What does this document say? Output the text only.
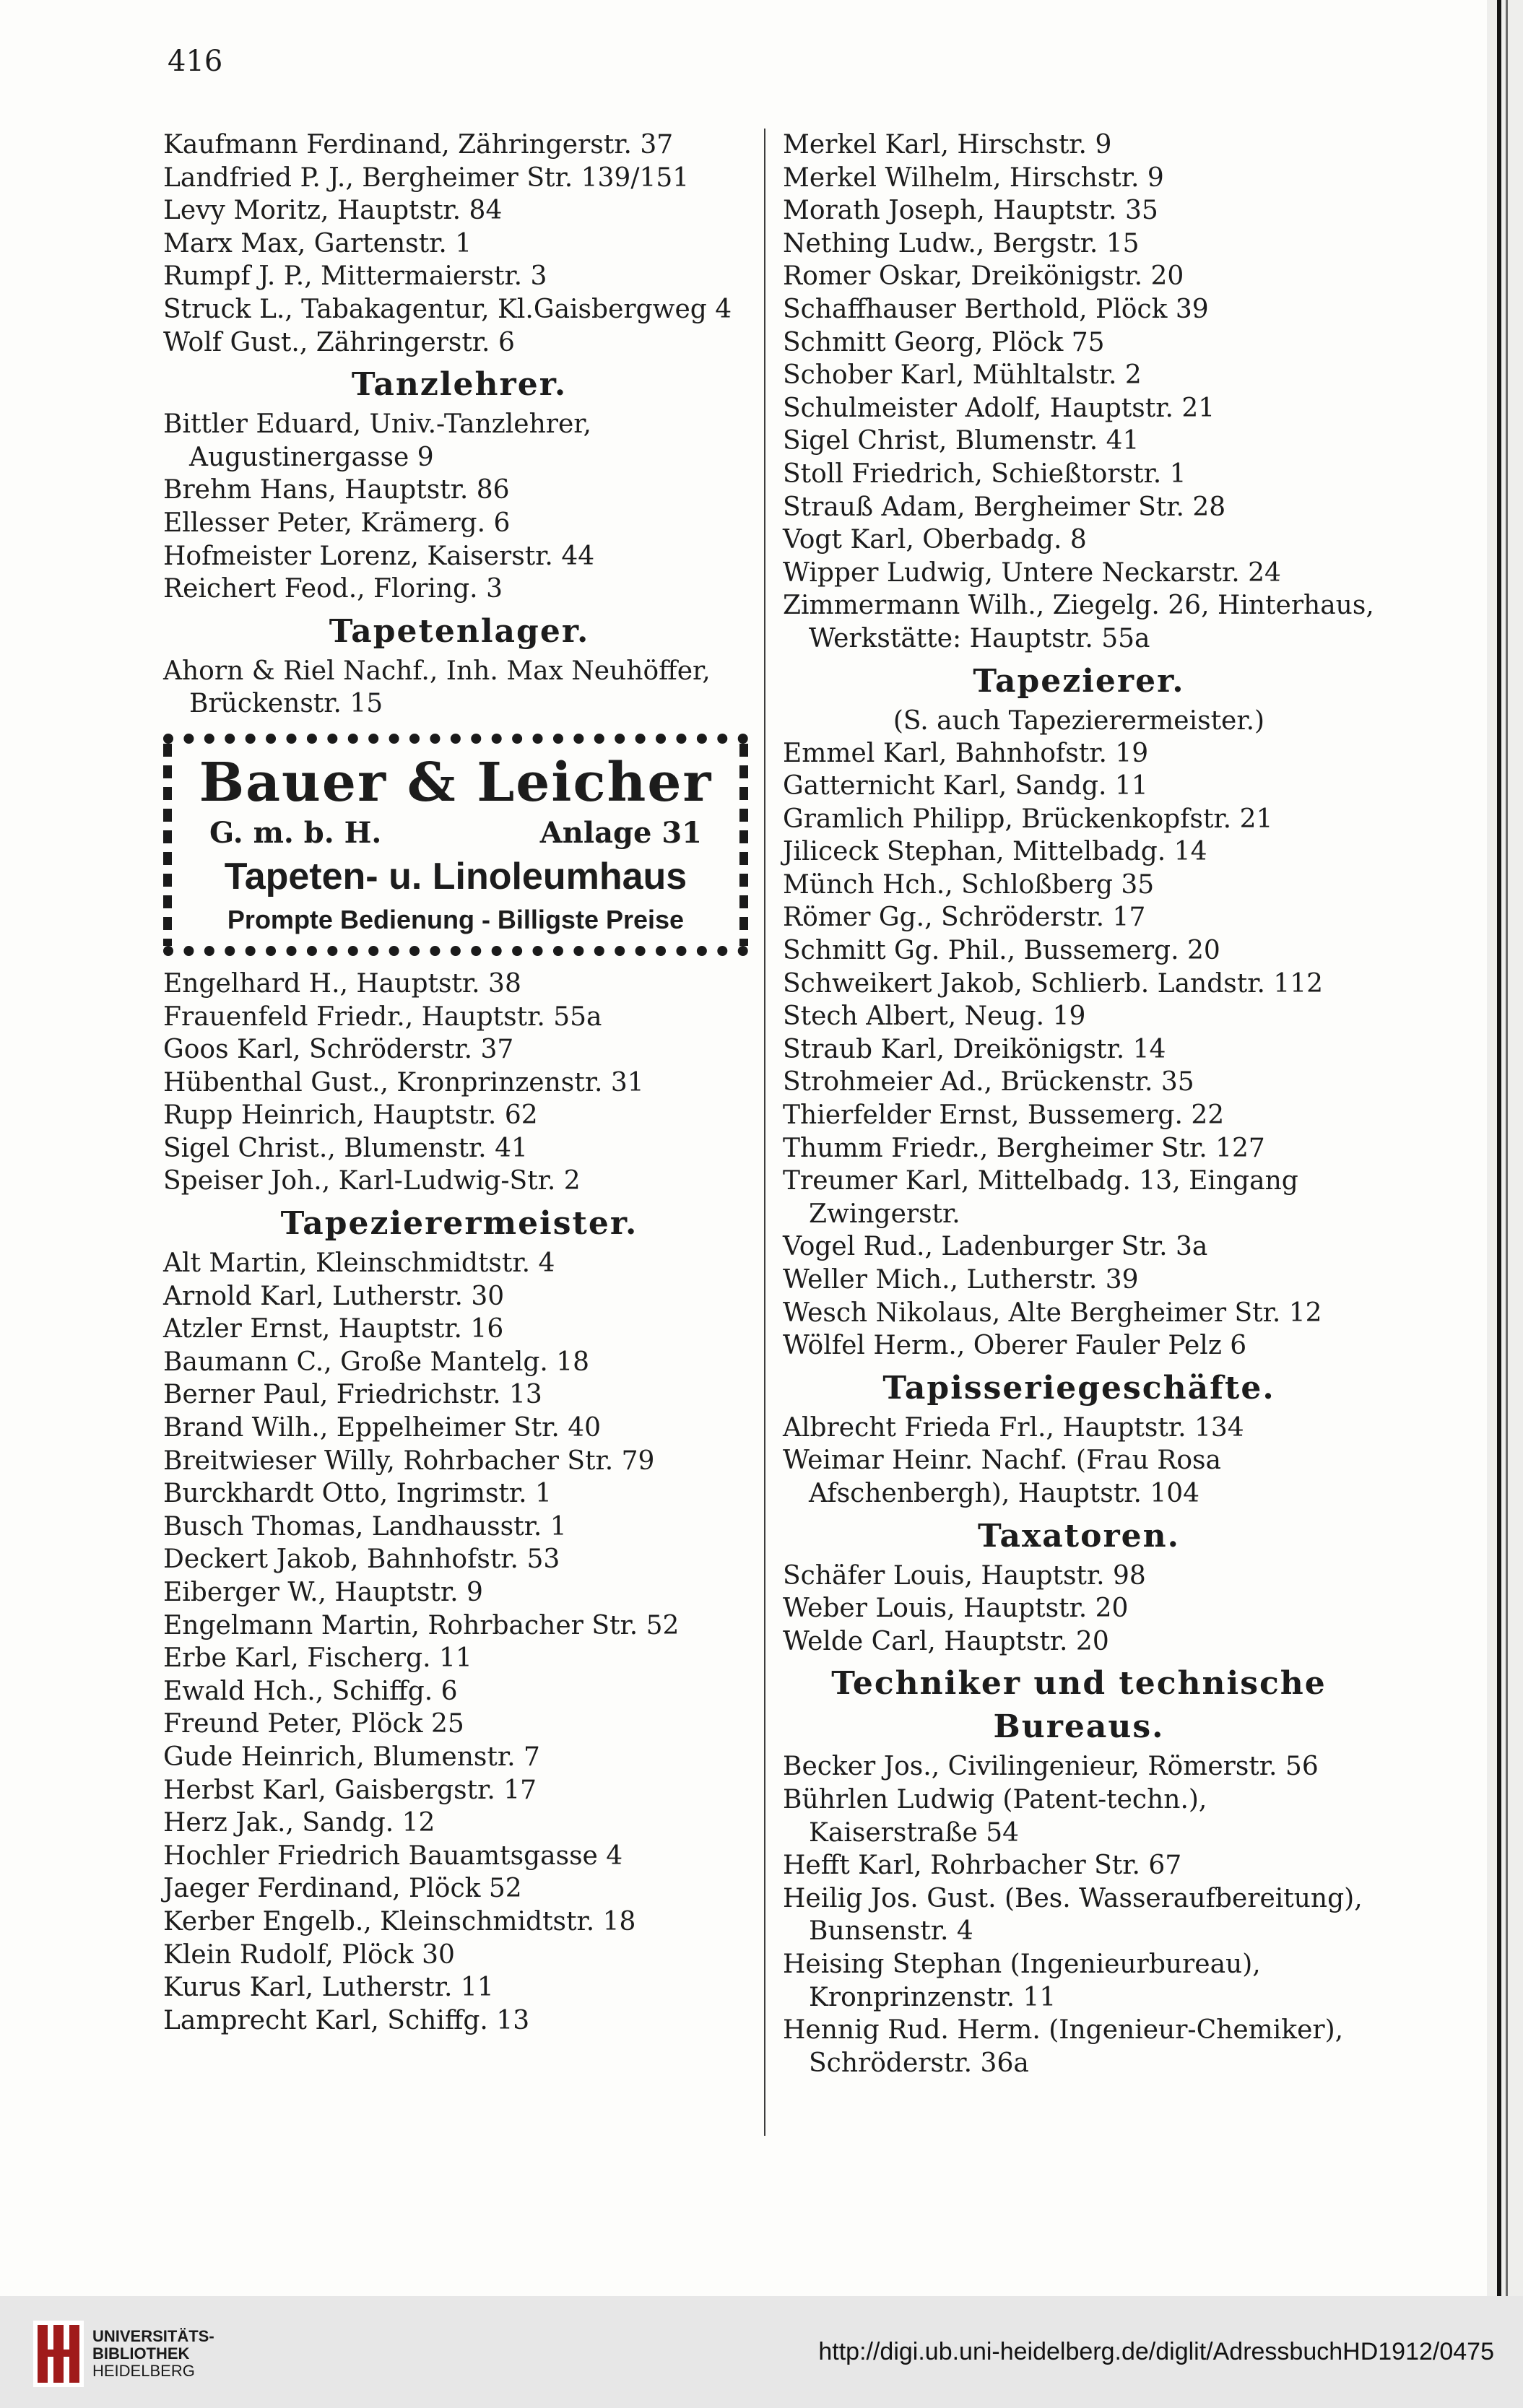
416
Kaufmann Ferdinand, Zähringerstr. 37
Landfried P. J., Bergheimer Str. 139/151
Levy Moritz, Hauptstr. 84
Marx Max, Gartenstr. 1
Rumpf J. P., Mittermaierstr. 3
Struck L., Tabakagentur, Kl.Gaisbergweg 4
Wolf Gust., Zähringerstr. 6
Tanzlehrer.
Bittler Eduard, Univ.-Tanzlehrer, Augustinergasse 9
Brehm Hans, Hauptstr. 86
Ellesser Peter, Krämerg. 6
Hofmeister Lorenz, Kaiserstr. 44
Reichert Feod., Floring. 3
Tapetenlager.
Ahorn & Riel Nachf., Inh. Max Neuhöffer, Brückenstr. 15
Bauer & Leicher
G. m. b. H.	Anlage 31
Tapeten- u. Linoleumhaus
Prompte Bedienung - Billigste Preise
Engelhard H., Hauptstr. 38
Frauenfeld Friedr., Hauptstr. 55a
Goos Karl, Schröderstr. 37
Hübenthal Gust., Kronprinzenstr. 31
Rupp Heinrich, Hauptstr. 62
Sigel Christ., Blumenstr. 41
Speiser Joh., Karl-Ludwig-Str. 2
Tapezierermeister.
Alt Martin, Kleinschmidtstr. 4
Arnold Karl, Lutherstr. 30
Atzler Ernst, Hauptstr. 16
Baumann C., Große Mantelg. 18
Berner Paul, Friedrichstr. 13
Brand Wilh., Eppelheimer Str. 40
Breitwieser Willy, Rohrbacher Str. 79
Burckhardt Otto, Ingrimstr. 1
Busch Thomas, Landhausstr. 1
Deckert Jakob, Bahnhofstr. 53
Eiberger W., Hauptstr. 9
Engelmann Martin, Rohrbacher Str. 52
Erbe Karl, Fischerg. 11
Ewald Hch., Schiffg. 6
Freund Peter, Plöck 25
Gude Heinrich, Blumenstr. 7
Herbst Karl, Gaisbergstr. 17
Herz Jak., Sandg. 12
Hochler Friedrich Bauamtsgasse 4
Jaeger Ferdinand, Plöck 52
Kerber Engelb., Kleinschmidtstr. 18
Klein Rudolf, Plöck 30
Kurus Karl, Lutherstr. 11
Lamprecht Karl, Schiffg. 13
Merkel Karl, Hirschstr. 9
Merkel Wilhelm, Hirschstr. 9
Morath Joseph, Hauptstr. 35
Nething Ludw., Bergstr. 15
Romer Oskar, Dreikönigstr. 20
Schaffhauser Berthold, Plöck 39
Schmitt Georg, Plöck 75
Schober Karl, Mühltalstr. 2
Schulmeister Adolf, Hauptstr. 21
Sigel Christ, Blumenstr. 41
Stoll Friedrich, Schießtorstr. 1
Strauß Adam, Bergheimer Str. 28
Vogt Karl, Oberbadg. 8
Wipper Ludwig, Untere Neckarstr. 24
Zimmermann Wilh., Ziegelg. 26, Hinterhaus, Werkstätte: Hauptstr. 55a
Tapezierer.
(S. auch Tapezierermeister.)
Emmel Karl, Bahnhofstr. 19
Gatternicht Karl, Sandg. 11
Gramlich Philipp, Brückenkopfstr. 21
Jiliceck Stephan, Mittelbadg. 14
Münch Hch., Schloßberg 35
Römer Gg., Schröderstr. 17
Schmitt Gg. Phil., Bussemerg. 20
Schweikert Jakob, Schlierb. Landstr. 112
Stech Albert, Neug. 19
Straub Karl, Dreikönigstr. 14
Strohmeier Ad., Brückenstr. 35
Thierfelder Ernst, Bussemerg. 22
Thumm Friedr., Bergheimer Str. 127
Treumer Karl, Mittelbadg. 13, Eingang Zwingerstr.
Vogel Rud., Ladenburger Str. 3a
Weller Mich., Lutherstr. 39
Wesch Nikolaus, Alte Bergheimer Str. 12
Wölfel Herm., Oberer Fauler Pelz 6
Tapisseriegeschäfte.
Albrecht Frieda Frl., Hauptstr. 134
Weimar Heinr. Nachf. (Frau Rosa Afschenbergh), Hauptstr. 104
Taxatoren.
Schäfer Louis, Hauptstr. 98
Weber Louis, Hauptstr. 20
Welde Carl, Hauptstr. 20
Techniker und technische Bureaus.
Becker Jos., Civilingenieur, Römerstr. 56
Bührlen Ludwig (Patent-techn.), Kaiserstraße 54
Hefft Karl, Rohrbacher Str. 67
Heilig Jos. Gust. (Bes. Wasseraufbereitung), Bunsenstr. 4
Heising Stephan (Ingenieurbureau), Kronprinzenstr. 11
Hennig Rud. Herm. (Ingenieur-Chemiker), Schröderstr. 36a
UNIVERSITÄTS-
BIBLIOTHEK
HEIDELBERG
http://digi.ub.uni-heidelberg.de/diglit/AdressbuchHD1912/0475
